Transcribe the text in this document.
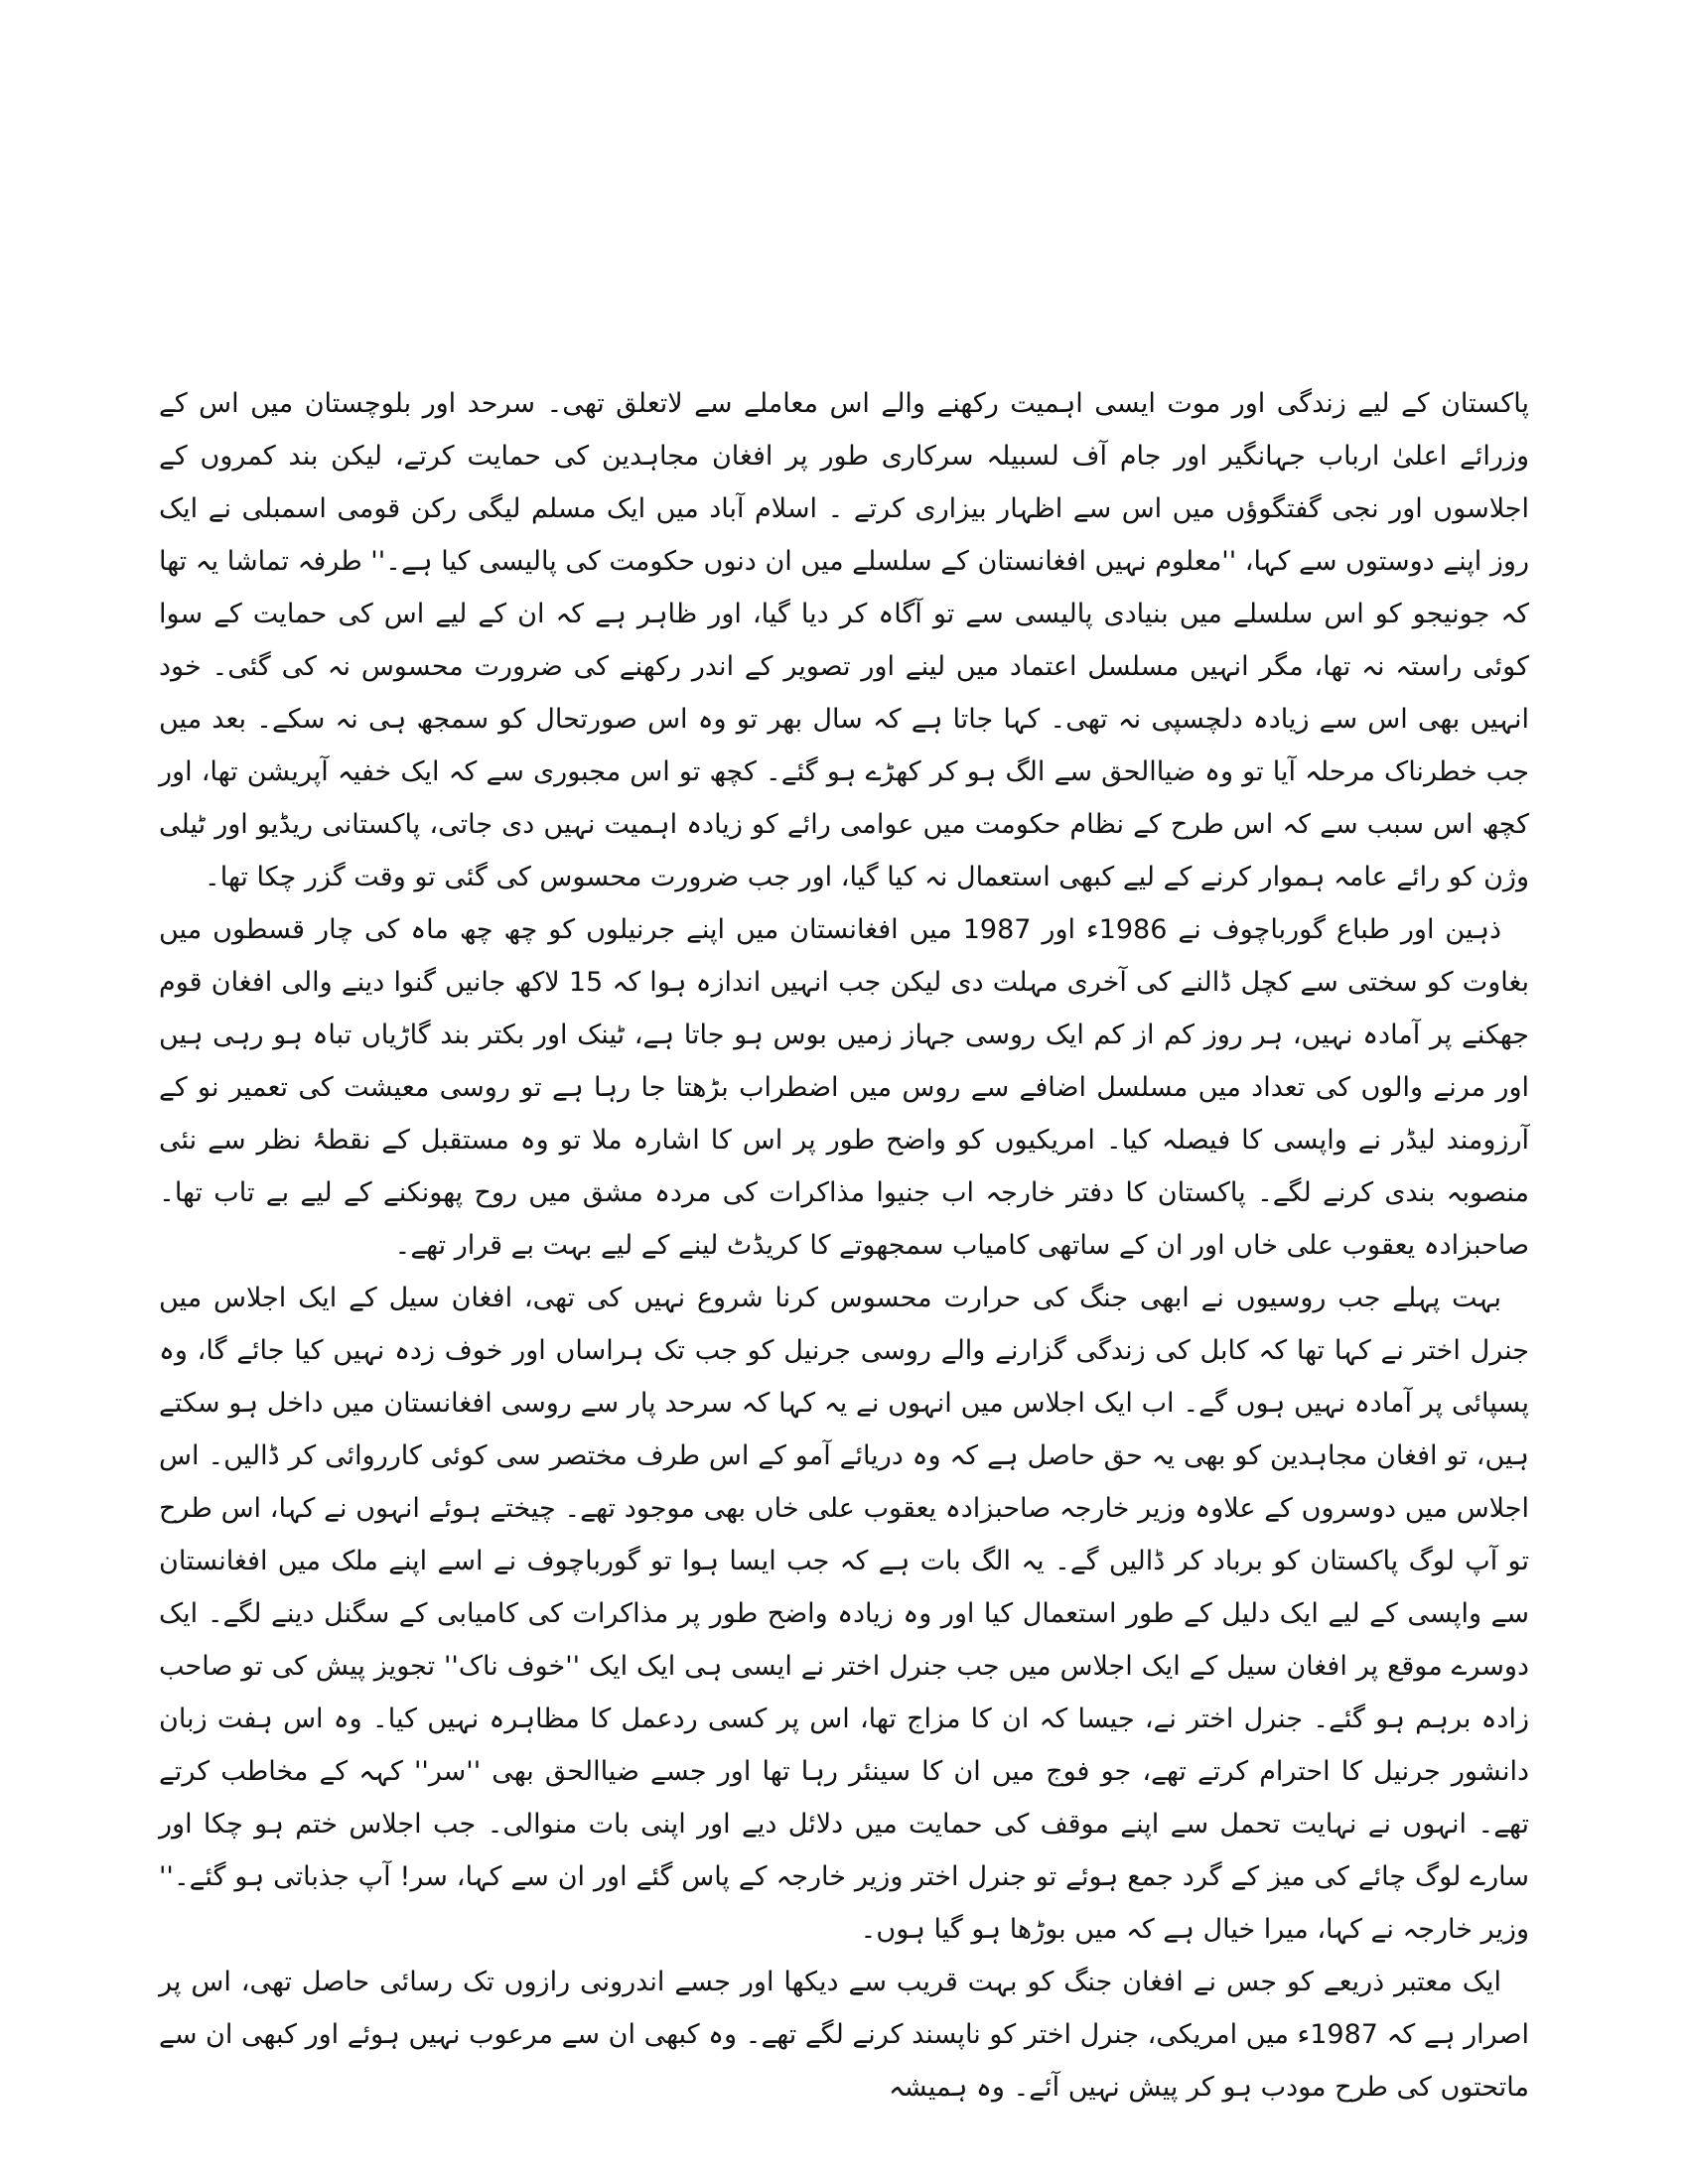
پاکستان کے لیے زندگی اور موت ایسی اہمیت رکھنے والے اس معاملے سے لاتعلق تھی۔ سرحد اور بلوچستان میں اس کے وزرائے اعلیٰ ارباب جہانگیر اور جام آف لسبیلہ سرکاری طور پر افغان مجاہدین کی حمایت کرتے، لیکن بند کمروں کے اجلاسوں اور نجی گفتگوؤں میں اس سے اظہار بیزاری کرتے ۔ اسلام آباد میں ایک مسلم لیگی رکن قومی اسمبلی نے ایک روز اپنے دوستوں سے کہا، ''معلوم نہیں افغانستان کے سلسلے میں ان دنوں حکومت کی پالیسی کیا ہے۔'' طرفہ تماشا یہ تھا کہ جونیجو کو اس سلسلے میں بنیادی پالیسی سے تو آگاہ کر دیا گیا، اور ظاہر ہے کہ ان کے لیے اس کی حمایت کے سوا کوئی راستہ نہ تھا، مگر انہیں مسلسل اعتماد میں لینے اور تصویر کے اندر رکھنے کی ضرورت محسوس نہ کی گئی۔ خود انہیں بھی اس سے زیادہ دلچسپی نہ تھی۔ کہا جاتا ہے کہ سال بھر تو وہ اس صورتحال کو سمجھ ہی نہ سکے۔ بعد میں جب خطرناک مرحلہ آیا تو وہ ضیاالحق سے الگ ہو کر کھڑے ہو گئے۔ کچھ تو اس مجبوری سے کہ ایک خفیہ آپریشن تھا، اور کچھ اس سبب سے کہ اس طرح کے نظام حکومت میں عوامی رائے کو زیادہ اہمیت نہیں دی جاتی، پاکستانی ریڈیو اور ٹیلی وژن کو رائے عامہ ہموار کرنے کے لیے کبھی استعمال نہ کیا گیا، اور جب ضرورت محسوس کی گئی تو وقت گزر چکا تھا۔

ذہین اور طباع گورباچوف نے 1986ء اور 1987 میں افغانستان میں اپنے جرنیلوں کو چھ چھ ماہ کی چار قسطوں میں بغاوت کو سختی سے کچل ڈالنے کی آخری مہلت دی لیکن جب انہیں اندازہ ہوا کہ 15 لاکھ جانیں گنوا دینے والی افغان قوم جھکنے پر آمادہ نہیں، ہر روز کم از کم ایک روسی جہاز زمیں بوس ہو جاتا ہے، ٹینک اور بکتر بند گاڑیاں تباہ ہو رہی ہیں اور مرنے والوں کی تعداد میں مسلسل اضافے سے روس میں اضطراب بڑھتا جا رہا ہے تو روسی معیشت کی تعمیر نو کے آرزومند لیڈر نے واپسی کا فیصلہ کیا۔ امریکیوں کو واضح طور پر اس کا اشارہ ملا تو وہ مستقبل کے نقطۂ نظر سے نئی منصوبہ بندی کرنے لگے۔ پاکستان کا دفتر خارجہ اب جنیوا مذاکرات کی مردہ مشق میں روح پھونکنے کے لیے بے تاب تھا۔ صاحبزادہ یعقوب علی خاں اور ان کے ساتھی کامیاب سمجھوتے کا کریڈٹ لینے کے لیے بہت بے قرار تھے۔

بہت پہلے جب روسیوں نے ابھی جنگ کی حرارت محسوس کرنا شروع نہیں کی تھی، افغان سیل کے ایک اجلاس میں جنرل اختر نے کہا تھا کہ کابل کی زندگی گزارنے والے روسی جرنیل کو جب تک ہراساں اور خوف زدہ نہیں کیا جائے گا، وہ پسپائی پر آمادہ نہیں ہوں گے۔ اب ایک اجلاس میں انہوں نے یہ کہا کہ سرحد پار سے روسی افغانستان میں داخل ہو سکتے ہیں، تو افغان مجاہدین کو بھی یہ حق حاصل ہے کہ وہ دریائے آمو کے اس طرف مختصر سی کوئی کارروائی کر ڈالیں۔ اس اجلاس میں دوسروں کے علاوہ وزیر خارجہ صاحبزادہ یعقوب علی خاں بھی موجود تھے۔ چیختے ہوئے انہوں نے کہا، اس طرح تو آپ لوگ پاکستان کو برباد کر ڈالیں گے۔ یہ الگ بات ہے کہ جب ایسا ہوا تو گورباچوف نے اسے اپنے ملک میں افغانستان سے واپسی کے لیے ایک دلیل کے طور استعمال کیا اور وہ زیادہ واضح طور پر مذاکرات کی کامیابی کے سگنل دینے لگے۔ ایک دوسرے موقع پر افغان سیل کے ایک اجلاس میں جب جنرل اختر نے ایسی ہی ایک ایک ''خوف ناک'' تجویز پیش کی تو صاحب زادہ برہم ہو گئے۔ جنرل اختر نے، جیسا کہ ان کا مزاج تھا، اس پر کسی ردعمل کا مظاہرہ نہیں کیا۔ وہ اس ہفت زبان دانشور جرنیل کا احترام کرتے تھے، جو فوج میں ان کا سینئر رہا تھا اور جسے ضیاالحق بھی ''سر'' کہہ کے مخاطب کرتے تھے۔ انہوں نے نہایت تحمل سے اپنے موقف کی حمایت میں دلائل دیے اور اپنی بات منوالی۔ جب اجلاس ختم ہو چکا اور سارے لوگ چائے کی میز کے گرد جمع ہوئے تو جنرل اختر وزیر خارجہ کے پاس گئے اور ان سے کہا، سر! آپ جذباتی ہو گئے۔'' وزیر خارجہ نے کہا، میرا خیال ہے کہ میں بوڑھا ہو گیا ہوں۔

ایک معتبر ذریعے کو جس نے افغان جنگ کو بہت قریب سے دیکھا اور جسے اندرونی رازوں تک رسائی حاصل تھی، اس پر اصرار ہے کہ 1987ء میں امریکی، جنرل اختر کو ناپسند کرنے لگے تھے۔ وہ کبھی ان سے مرعوب نہیں ہوئے اور کبھی ان سے ماتحتوں کی طرح مودب ہو کر پیش نہیں آئے۔ وہ ہمیشہ
